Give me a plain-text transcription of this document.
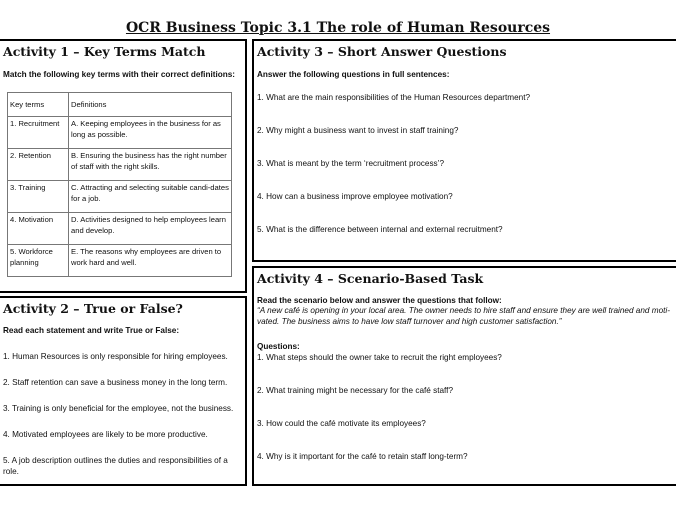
OCR Business Topic 3.1 The role of Human Resources
Activity 1 – Key Terms Match
Match the following key terms with their correct definitions:
Key terms	Definitions
1. Recruitment	A. Keeping employees in the business for as long as possible.
2. Retention	B. Ensuring the business has the right number of staff with the right skills.
3. Training	C. Attracting and selecting suitable candi-dates for a job.
4. Motivation	D. Activities designed to help employees learn and develop.
5. Workforce planning	E. The reasons why employees are driven to work hard and well.
Activity 2 – True or False?
Read each statement and write True or False:
1. Human Resources is only responsible for hiring employees.
2. Staff retention can save a business money in the long term.
3. Training is only beneficial for the employee, not the business.
4. Motivated employees are likely to be more productive.
5. A job description outlines the duties and responsibilities of a role.
Activity 3 – Short Answer Questions
Answer the following questions in full sentences:
1. What are the main responsibilities of the Human Resources department?
2. Why might a business want to invest in staff training?
3. What is meant by the term ‘recruitment process’?
4. How can a business improve employee motivation?
5. What is the difference between internal and external recruitment?
Activity 4 – Scenario-Based Task
Read the scenario below and answer the questions that follow:
“A new café is opening in your local area. The owner needs to hire staff and ensure they are well trained and moti-vated. The business aims to have low staff turnover and high customer satisfaction.”
Questions:
1. What steps should the owner take to recruit the right employees?
2. What training might be necessary for the café staff?
3. How could the café motivate its employees?
4. Why is it important for the café to retain staff long-term?
